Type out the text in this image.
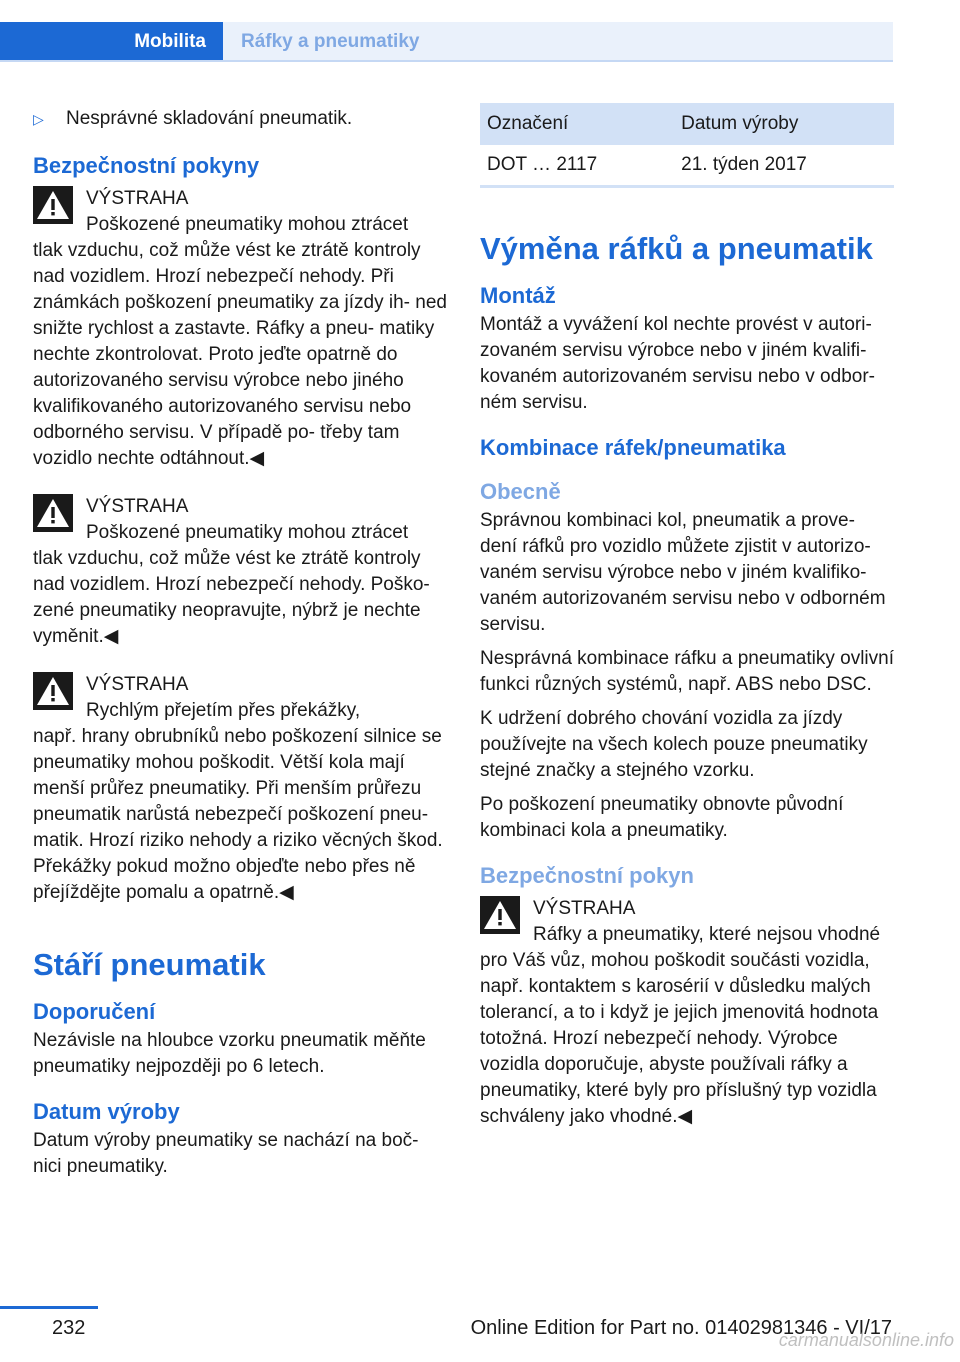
Mobilita	Ráfky a pneumatiky
▷	Nesprávné skladování pneumatik.
Bezpečnostní pokyny
VÝSTRAHA
Poškozené pneumatiky mohou ztrácet
tlak vzduchu, což může vést ke ztrátě kontroly nad vozidlem. Hrozí nebezpečí nehody. Při známkách poškození pneumatiky za jízdy ih‐ ned snižte rychlost a zastavte. Ráfky a pneu‐ matiky nechte zkontrolovat. Proto jeďte opatrně do autorizovaného servisu výrobce nebo jiného kvalifikovaného autorizovaného servisu nebo odborného servisu. V případě po‐ třeby tam vozidlo nechte odtáhnout.◀
VÝSTRAHA
Poškozené pneumatiky mohou ztrácet
tlak vzduchu, což může vést ke ztrátě kontroly nad vozidlem. Hrozí nebezpečí nehody. Poško‐ zené pneumatiky neopravujte, nýbrž je nechte vyměnit.◀
VÝSTRAHA
Rychlým přejetím přes překážky,
např. hrany obrubníků nebo poškození silnice se pneumatiky mohou poškodit. Větší kola mají menší průřez pneumatiky. Při menším průřezu pneumatik narůstá nebezpečí poškození pneu‐ matik. Hrozí riziko nehody a riziko věcných škod. Překážky pokud možno objeďte nebo přes ně přejíždějte pomalu a opatrně.◀
Stáří pneumatik
Doporučení

Nezávisle na hloubce vzorku pneumatik měňte pneumatiky nejpozději po 6 letech.

Datum výroby

Datum výroby pneumatiky se nachází na boč‐ nici pneumatiky.

Označení	Datum výroby
DOT … 2117	21. týden 2017
Výměna ráfků a pneumatik
Montáž

Montáž a vyvážení kol nechte provést v autori‐ zovaném servisu výrobce nebo v jiném kvalifi‐ kovaném autorizovaném servisu nebo v odbor‐ ném servisu.

Kombinace ráfek/pneumatika
Obecně

Správnou kombinaci kol, pneumatik a prove‐ dení ráfků pro vozidlo můžete zjistit v autorizo‐ vaném servisu výrobce nebo v jiném kvalifiko‐ vaném autorizovaném servisu nebo v odborném servisu.

Nesprávná kombinace ráfku a pneumatiky ovlivní funkci různých systémů, např. ABS nebo DSC.

K udržení dobrého chování vozidla za jízdy používejte na všech kolech pouze pneumatiky stejné značky a stejného vzorku.

Po poškození pneumatiky obnovte původní kombinaci kola a pneumatiky.

Bezpečnostní pokyn
VÝSTRAHA
Ráfky a pneumatiky, které nejsou vhodné
pro Váš vůz, mohou poškodit součásti vozidla, např. kontaktem s karosérií v důsledku malých tolerancí, a to i když je jejich jmenovitá hodnota totožná. Hrozí nebezpečí nehody. Výrobce vozidla doporučuje, abyste používali ráfky a pneumatiky, které byly pro příslušný typ vozidla schváleny jako vhodné.◀
232	Online Edition for Part no. 01402981346 - VI/17
carmanualsonline.info
